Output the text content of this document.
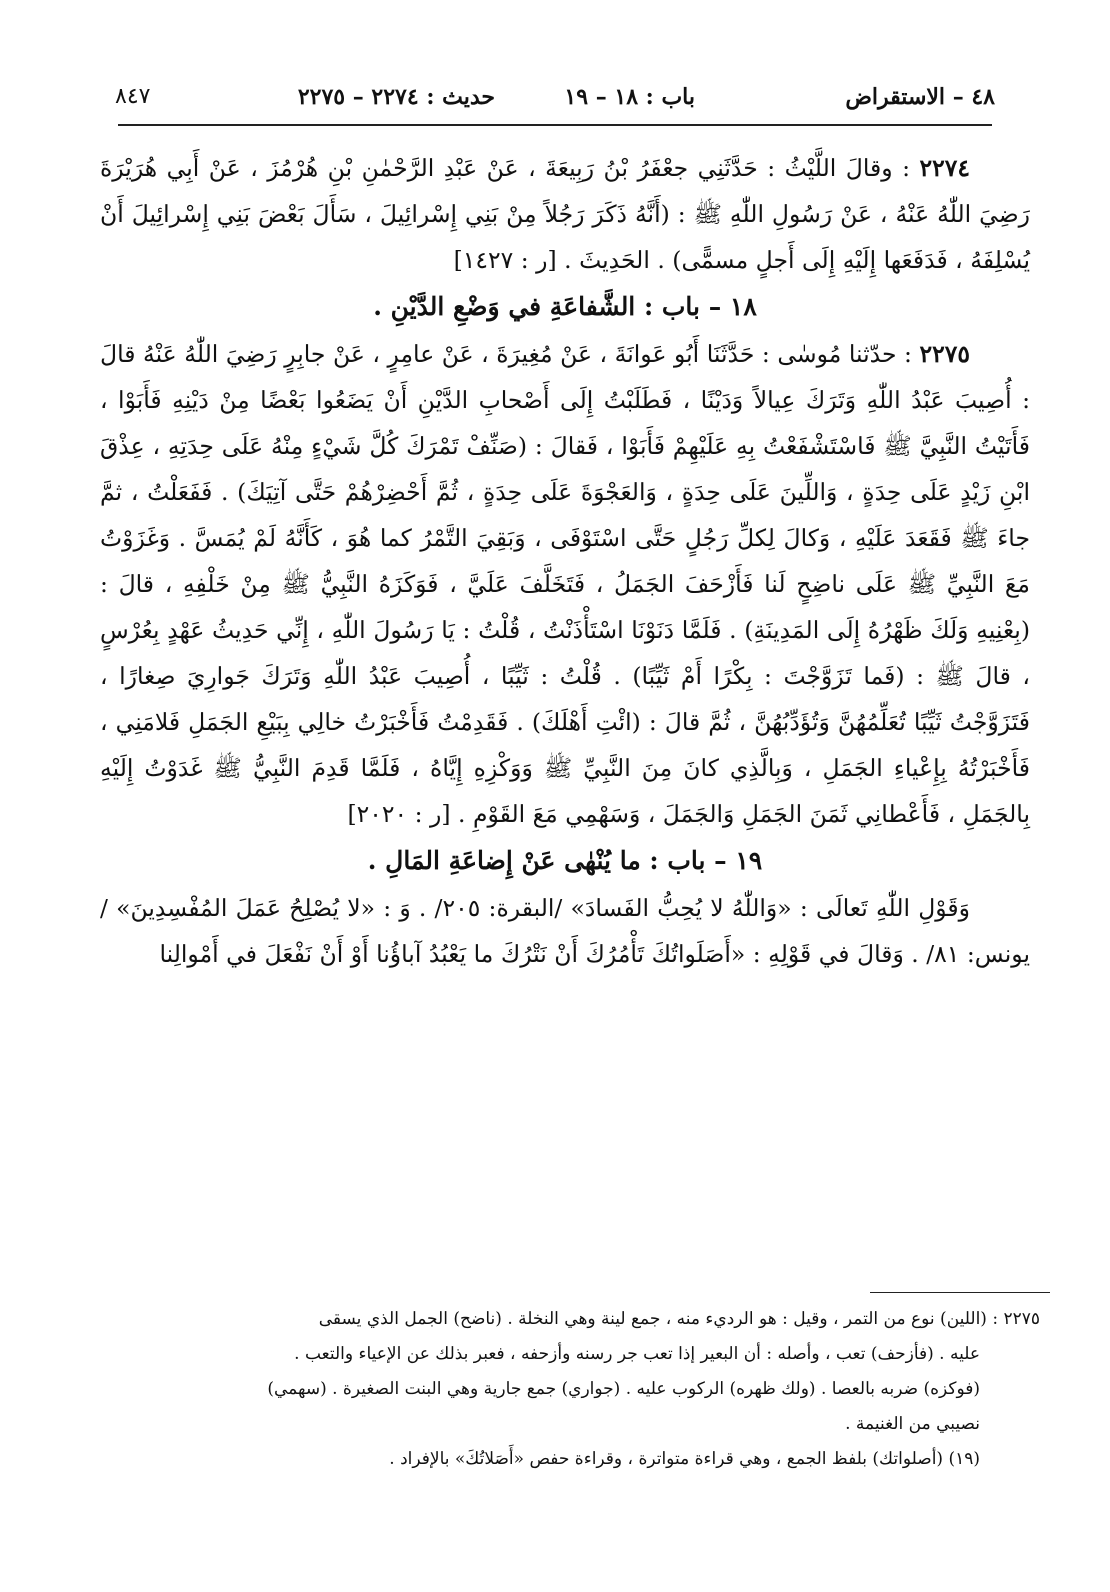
٤٨ – الاستقراض
باب : ١٨ – ١٩
حديث : ٢٢٧٤ – ٢٢٧٥
٨٤٧

٢٢٧٤ : وقالَ اللَّيْثُ : حَدَّثَنِي جعْفَرُ بْنُ رَبِيعَةَ ، عَنْ عَبْدِ الرَّحْمٰنِ بْنِ هُرْمُزَ ، عَنْ أَبِي هُرَيْرَةَ رَضِيَ اللّٰهُ عَنْهُ ، عَنْ رَسُولِ اللّٰهِ ﷺ : (أَنَّهُ ذَكَرَ رَجُلاً مِنْ بَنِي إِسْرائِيلَ ، سَأَلَ بَعْضَ بَنِي إِسْرائِيلَ أَنْ يُسْلِفَهُ ، فَدَفَعَها إِلَيْهِ إِلَى أَجلٍ مسمًّى) . الحَدِيثَ . [ر : ١٤٢٧]

١٨ – باب : الشَّفاعَةِ في وَضْعِ الدَّيْنِ .

٢٢٧٥ : حدّثنا مُوسٰى : حَدَّثَنَا أَبُو عَوانَةَ ، عَنْ مُغِيرَةَ ، عَنْ عامِرٍ ، عَنْ جابِرٍ رَضِيَ اللّٰهُ عَنْهُ قالَ : أُصِيبَ عَبْدُ اللّٰهِ وَتَرَكَ عِيالاً وَدَيْنًا ، فَطَلَبْتُ إِلَى أَصْحابِ الدَّيْنِ أَنْ يَضَعُوا بَعْضًا مِنْ دَيْنِهِ فَأَبَوْا ، فَأَتَيْتُ النَّبِيَّ ﷺ فَاسْتَشْفَعْتُ بِهِ عَلَيْهِمْ فَأَبَوْا ، فَقالَ : (صَنِّفْ تَمْرَكَ كُلَّ شَيْءٍ مِنْهُ عَلَى حِدَتِهِ ، عِذْقَ ابْنِ زَيْدٍ عَلَى حِدَةٍ ، وَاللِّينَ عَلَى حِدَةٍ ، وَالعَجْوَةَ عَلَى حِدَةٍ ، ثُمَّ أَحْضِرْهُمْ حَتَّى آتِيَكَ) . فَفَعَلْتُ ، ثمَّ جاءَ ﷺ فَقَعَدَ عَلَيْهِ ، وَكالَ لِكلِّ رَجُلٍ حَتَّى اسْتَوْفَى ، وَبَقِيَ التَّمْرُ كما هُوَ ، كَأَنَّهُ لَمْ يُمَسَّ . وَغَزَوْتُ مَعَ النَّبِيِّ ﷺ عَلَى ناضِحٍ لَنا فَأَزْحَفَ الجَمَلُ ، فَتَخَلَّفَ عَلَيَّ ، فَوَكَزَهُ النَّبِيُّ ﷺ مِنْ خَلْفِهِ ، قالَ : (بِعْنِيهِ وَلَكَ ظَهْرُهُ إِلَى المَدِينَةِ) . فَلَمَّا دَنَوْنَا اسْتَأْذَنْتُ ، قُلْتُ : يَا رَسُولَ اللّٰهِ ، إِنِّي حَدِيثُ عَهْدٍ بِعُرْسٍ ، قالَ ﷺ : (فَما تَزَوَّجْتَ : بِكْرًا أَمْ ثَيِّبًا) . قُلْتُ : ثَيِّبًا ، أُصِيبَ عَبْدُ اللّٰهِ وَتَرَكَ جَوارِيَ صِغارًا ، فَتَزَوَّجْتُ ثَيِّبًا تُعَلِّمُهُنَّ وَتُؤَدِّبُهُنَّ ، ثُمَّ قالَ : (ائْتِ أَهْلَكَ) . فَقَدِمْتُ فَأَخْبَرْتُ خالِي بِبَيْعِ الجَمَلِ فَلامَنِي ، فَأَخْبَرْتُهُ بِإِعْياءِ الجَمَلِ ، وَبِالَّذِي كانَ مِنَ النَّبِيِّ ﷺ وَوَكْزِهِ إِيَّاهُ ، فَلَمَّا قَدِمَ النَّبِيُّ ﷺ غَدَوْتُ إِلَيْهِ بِالجَمَلِ ، فَأَعْطانِي ثَمَنَ الجَمَلِ وَالجَمَلَ ، وَسَهْمِي مَعَ القَوْمِ . [ر : ٢٠٢٠]

١٩ – باب : ما يُنْهٰى عَنْ إِضاعَةِ المَالِ .

وَقَوْلِ اللّٰهِ تَعالَى : «وَاللّٰهُ لا يُحِبُّ الفَسادَ» /البقرة: ٢٠٥/ . وَ : «لا يُصْلِحُ عَمَلَ المُفْسِدِينَ» /يونس: ٨١/ . وَقالَ في قَوْلِهِ : «أَصَلَواتُكَ تَأْمُرُكَ أَنْ نَتْرُكَ ما يَعْبُدُ آباؤُنا أَوْ أَنْ نَفْعَلَ في أَمْوالِنا

٢٢٧٥ : (اللين) نوع من التمر ، وقيل : هو الرديء منه ، جمع لينة وهي النخلة . (ناضح) الجمل الذي يسقى

عليه . (فأزحف) تعب ، وأصله : أن البعير إذا تعب جر رسنه وأزحفه ، فعبر بذلك عن الإعياء والتعب .

(فوكزه) ضربه بالعصا . (ولك ظهره) الركوب عليه . (جواري) جمع جارية وهي البنت الصغيرة . (سهمي)

نصيبي من الغنيمة .

(١٩) (أصلواتك) بلفظ الجمع ، وهي قراءة متواترة ، وقراءة حفص «أَصَلاتُكَ» بالإفراد .
